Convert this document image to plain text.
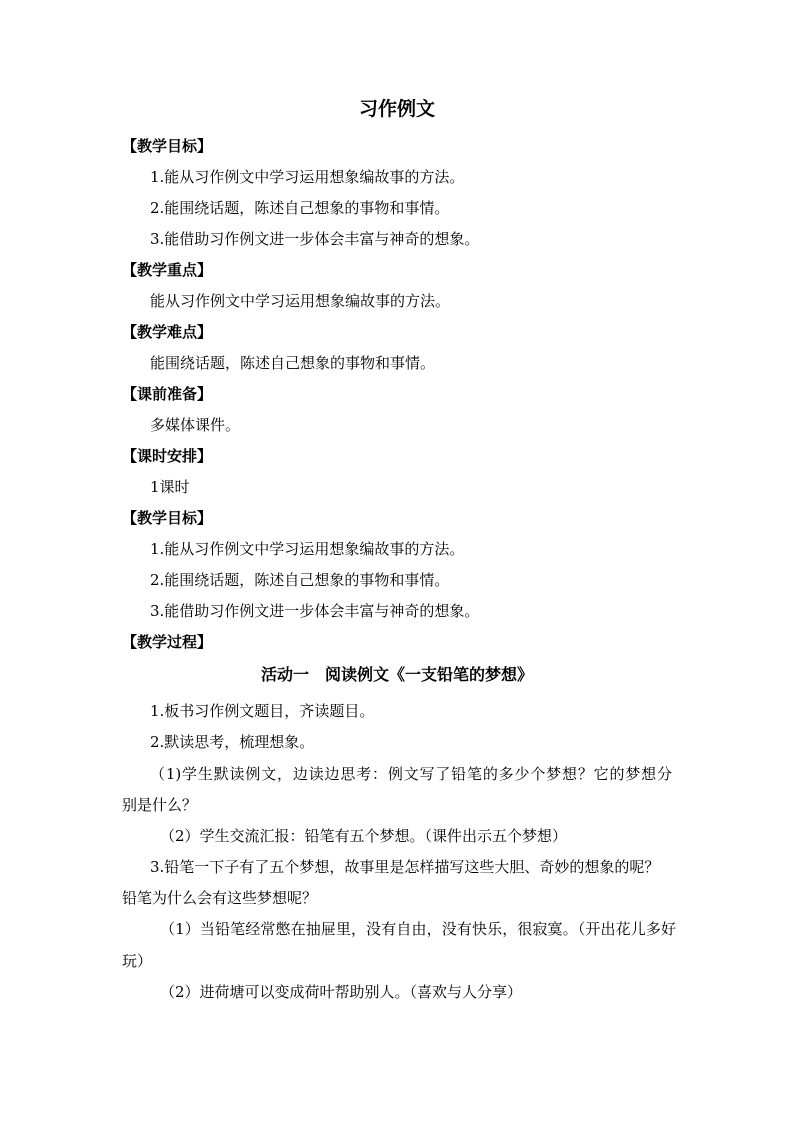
习作例文
【教学目标】
1.能从习作例文中学习运用想象编故事的方法。
2.能围绕话题，陈述自己想象的事物和事情。
3.能借助习作例文进一步体会丰富与神奇的想象。
【教学重点】
能从习作例文中学习运用想象编故事的方法。
【教学难点】
能围绕话题，陈述自己想象的事物和事情。
【课前准备】
多媒体课件。
【课时安排】
1课时
【教学目标】
1.能从习作例文中学习运用想象编故事的方法。
2.能围绕话题，陈述自己想象的事物和事情。
3.能借助习作例文进一步体会丰富与神奇的想象。
【教学过程】
活动一　阅读例文《一支铅笔的梦想》
1.板书习作例文题目，齐读题目。
2.默读思考，梳理想象。
（1)学生默读例文，边读边思考：例文写了铅笔的多少个梦想？它的梦想分
别是什么？
（2）学生交流汇报：铅笔有五个梦想。（课件出示五个梦想）
3.铅笔一下子有了五个梦想，故事里是怎样描写这些大胆、奇妙的想象的呢？
铅笔为什么会有这些梦想呢？
（1）当铅笔经常憋在抽屉里，没有自由，没有快乐，很寂寞。（开出花儿多好
玩）
（2）进荷塘可以变成荷叶帮助别人。（喜欢与人分享）
